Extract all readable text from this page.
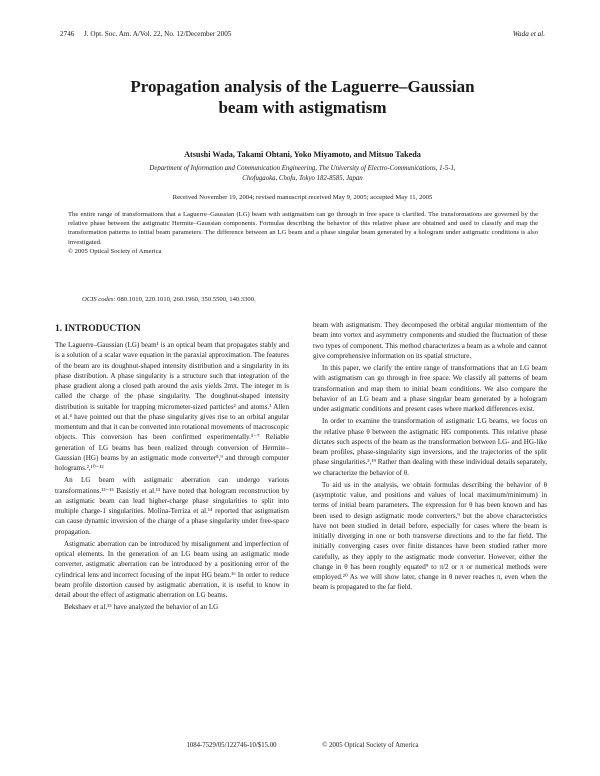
2746 J. Opt. Soc. Am. A/Vol. 22, No. 12/December 2005	Wada et al.
Propagation analysis of the Laguerre–Gaussian
beam with astigmatism
Atsushi Wada, Takami Ohtani, Yoko Miyamoto, and Mitsuo Takeda
Department of Information and Communication Engineering, The University of Electro-Communications, 1-5-1,
Chofugaoka, Chofu, Tokyo 182-8585, Japan
Received November 19, 2004; revised manuscript received May 9, 2005; accepted May 11, 2005

The entire range of transformations that a Laguerre–Gaussian (LG) beam with astigmatism can go through in free space is clarified. The transformations are governed by the relative phase between the astigmatic Hermite–Gaussian components. Formulas describing the behavior of this relative phase are obtained and used to classify and map the transformation patterns to initial beam parameters. The difference between an LG beam and a phase singular beam generated by a hologram under astigmatic conditions is also investigated.

© 2005 Optical Society of America

OCIS codes: 080.1010, 220.1010, 260.1960, 350.5500, 140.3300.
1. INTRODUCTION

The Laguerre–Gaussian (LG) beam¹ is an optical beam that propagates stably and is a solution of a scalar wave equation in the paraxial approximation. The features of the beam are its doughnut-shaped intensity distribution and a singularity in its phase distribution. A phase singularity is a structure such that integration of the phase gradient along a closed path around the axis yields 2mπ. The integer m is called the charge of the phase singularity. The doughnut-shaped intensity distribution is suitable for trapping micrometer-sized particles² and atoms.³ Allen et al.⁴ have pointed out that the phase singularity gives rise to an orbital angular momentum and that it can be converted into rotational movements of macroscopic objects. This conversion has been confirmed experimentally.⁵⁻⁷ Reliable generation of LG beams has been realized through conversion of Hermite–Gaussian (HG) beams by an astigmatic mode converter⁸,⁹ and through computer holograms.²,¹⁰⁻¹²

An LG beam with astigmatic aberration can undergo various transformations.¹³⁻¹⁵ Basistiy et al.¹³ have noted that hologram reconstruction by an astigmatic beam can lead higher-charge phase singularities to split into multiple charge-1 singularities. Molina-Terriza et al.¹⁴ reported that astigmatism can cause dynamic inversion of the charge of a phase singularity under free-space propagation.

Astigmatic aberration can be introduced by misalignment and imperfection of optical elements. In the generation of an LG beam using an astigmatic mode converter, astigmatic aberration can be introduced by a positioning error of the cylindrical lens and incorrect focusing of the input HG beam.¹⁶ In order to reduce beam profile distortion caused by astigmatic aberration, it is useful to know in detail about the effect of astigmatic aberration on LG beams.

Bekshaev et al.¹⁵ have analyzed the behavior of an LG

beam with astigmatism. They decomposed the orbital angular momentum of the beam into vortex and asymmetry components and studied the fluctuation of these two types of component. This method characterizes a beam as a whole and cannot give comprehensive information on its spatial structure.

In this paper, we clarify the entire range of transformations that an LG beam with astigmatism can go through in free space. We classify all patterns of beam transformation and map them to initial beam conditions. We also compare the behavior of an LG beam and a phase singular beam generated by a hologram under astigmatic conditions and present cases where marked differences exist.

In order to examine the transformation of astigmatic LG beams, we focus on the relative phase θ between the astigmatic HG components. This relative phase dictates such aspects of the beam as the transformation between LG- and HG-like beam profiles, phase-singularity sign inversions, and the trajectories of the split phase singularities.³,¹⁹ Rather than dealing with these individual details separately, we characterize the behavior of θ.

To aid us in the analysis, we obtain formulas describing the behavior of θ (asymptotic value, and positions and values of local maximum/minimum) in terms of initial beam parameters. The expression for θ has been known and has been used to design astigmatic mode converters,⁹ but the above characteristics have not been studied in detail before, especially for cases where the beam is initially diverging in one or both transverse directions and to the far field. The initially converging cases over finite distances have been studied rather more carefully, as they apply to the astigmatic mode converter. However, either the change in θ has been roughly equated⁹ to π/2 or π or numerical methods were employed.²⁰ As we will show later, change in θ never reaches π, even when the beam is propagated to the far field.

1084-7529/05/122746-10/$15.00	© 2005 Optical Society of America
